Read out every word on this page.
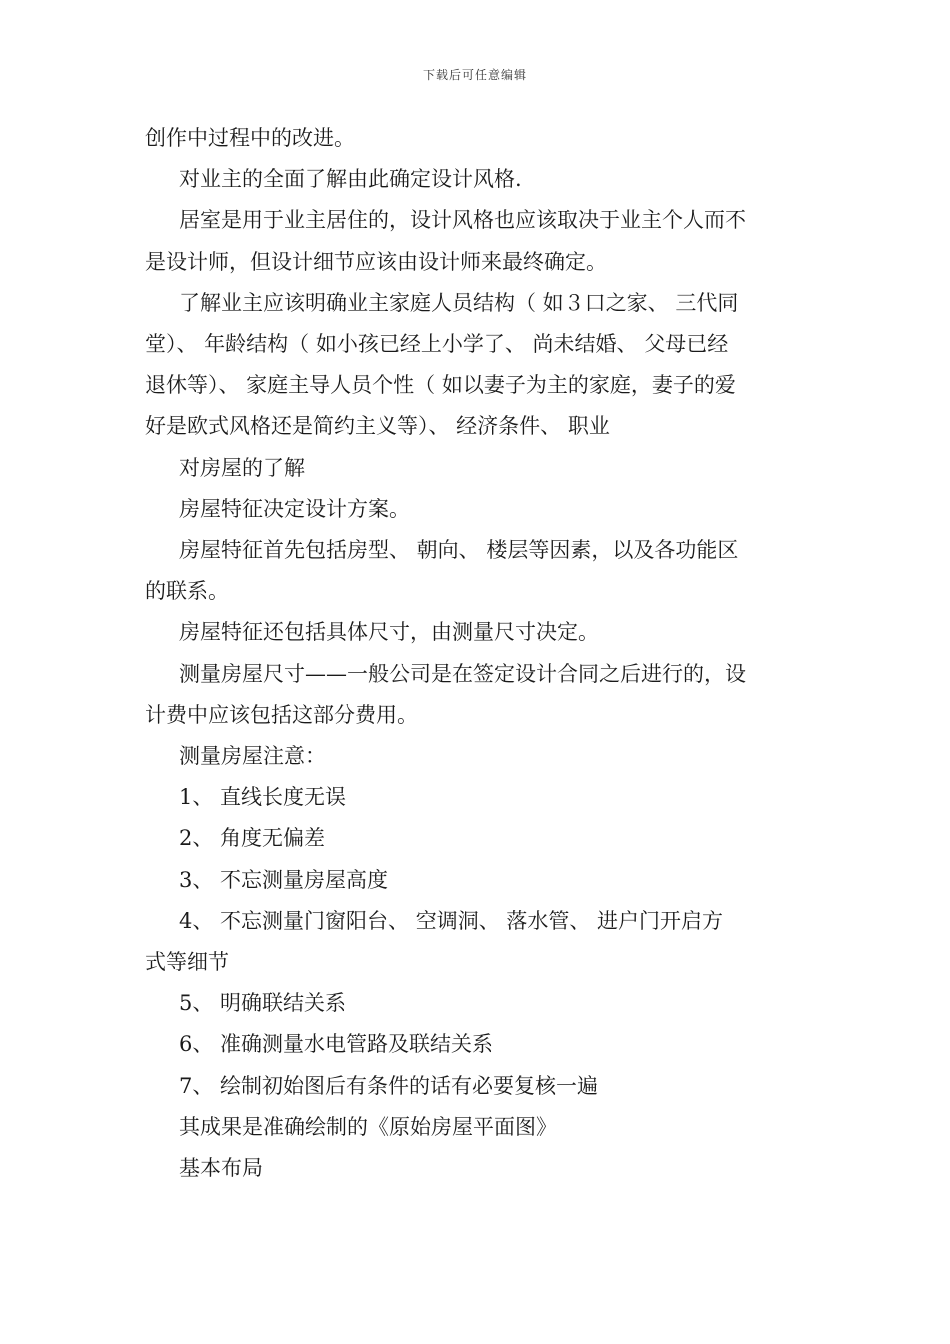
下载后可任意编辑

创作中过程中的改进。

对业主的全面了解由此确定设计风格.

居室是用于业主居住的，设计风格也应该取决于业主个人而不
是设计师，但设计细节应该由设计师来最终确定。

了解业主应该明确业主家庭人员结构（ 如３口之家、 三代同
堂）、 年龄结构（ 如小孩已经上小学了、 尚未结婚、 父母已经
退休等）、 家庭主导人员个性（ 如以妻子为主的家庭，妻子的爱
好是欧式风格还是简约主义等）、 经济条件、 职业

对房屋的了解

房屋特征决定设计方案。

房屋特征首先包括房型、 朝向、 楼层等因素，以及各功能区
的联系。

房屋特征还包括具体尺寸，由测量尺寸决定。

测量房屋尺寸——一般公司是在签定设计合同之后进行的，设
计费中应该包括这部分费用。

测量房屋注意：

1、 直线长度无误

2、 角度无偏差

3、 不忘测量房屋高度

4、 不忘测量门窗阳台、 空调洞、 落水管、 进户门开启方
式等细节

5、 明确联结关系

6、 准确测量水电管路及联结关系

7、 绘制初始图后有条件的话有必要复核一遍

其成果是准确绘制的《原始房屋平面图》

基本布局
